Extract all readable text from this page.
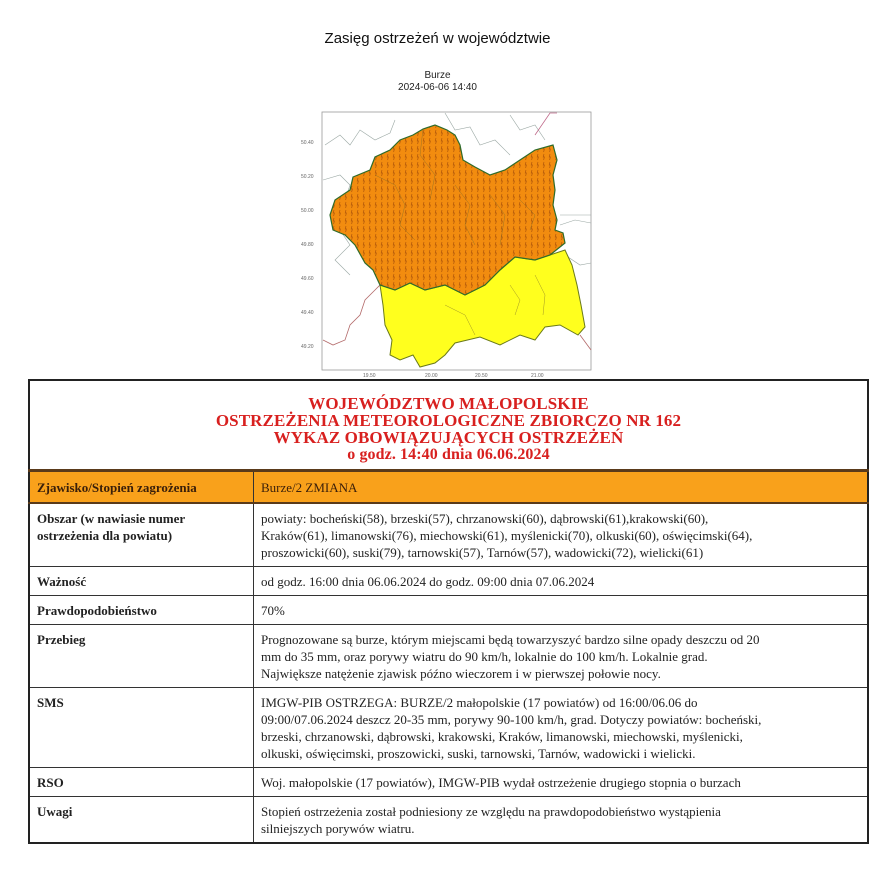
Zasięg ostrzeżeń w województwie
Burze
2024-06-06 14:40
50.40
50.20
50.00
49.80
49.60
49.40
49.20
19.50	20.00	20.50	21.00
WOJEWÓDZTWO MAŁOPOLSKIE
OSTRZEŻENIA METEOROLOGICZNE ZBIORCZO NR 162
WYKAZ OBOWIĄZUJĄCYCH OSTRZEŻEŃ
o godz. 14:40 dnia 06.06.2024	

Zjawisko/Stopień zagrożenia	Burze/2 ZMIANA

Obszar (w nawiasie numer
ostrzeżenia dla powiatu)	powiaty: bocheński(58), brzeski(57), chrzanowski(60), dąbrowski(61),krakowski(60),
Kraków(61), limanowski(76), miechowski(61), myślenicki(70), olkuski(60), oświęcimski(64),
proszowicki(60), suski(79), tarnowski(57), Tarnów(57), wadowicki(72), wielicki(61)

Ważność	od godz. 16:00 dnia 06.06.2024 do godz. 09:00 dnia 07.06.2024
Prawdopodobieństwo	70%
Przebieg	Prognozowane są burze, którym miejscami będą towarzyszyć bardzo silne opady deszczu od 20
mm do 35 mm, oraz porywy wiatru do 90 km/h, lokalnie do 100 km/h. Lokalnie grad.
Największe natężenie zjawisk późno wieczorem i w pierwszej połowie nocy.

SMS	IMGW-PIB OSTRZEGA: BURZE/2 małopolskie (17 powiatów) od 16:00/06.06 do
09:00/07.06.2024 deszcz 20-35 mm, porywy 90-100 km/h, grad. Dotyczy powiatów: bocheński,
brzeski, chrzanowski, dąbrowski, krakowski, Kraków, limanowski, miechowski, myślenicki,
olkuski, oświęcimski, proszowicki, suski, tarnowski, Tarnów, wadowicki i wielicki.

RSO	Woj. małopolskie (17 powiatów), IMGW-PIB wydał ostrzeżenie drugiego stopnia o burzach
Uwagi	Stopień ostrzeżenia został podniesiony ze względu na prawdopodobieństwo wystąpienia
silniejszych porywów wiatru.
